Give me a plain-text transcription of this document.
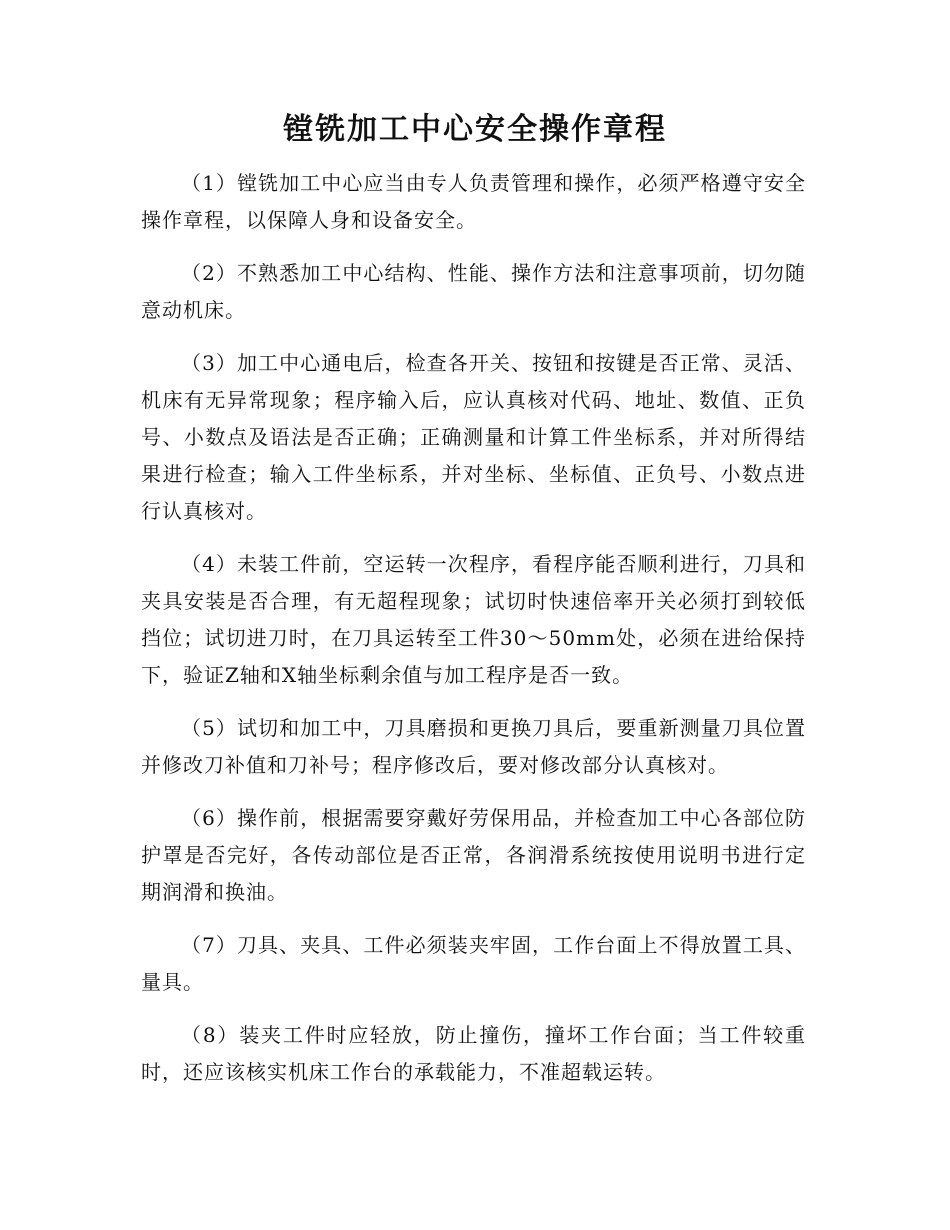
镗铣加工中心安全操作章程

（1）镗铣加工中心应当由专人负责管理和操作，必须严格遵守安全操作章程，以保障人身和设备安全。

（2）不熟悉加工中心结构、性能、操作方法和注意事项前，切勿随意动机床。

（3）加工中心通电后，检查各开关、按钮和按键是否正常、灵活、机床有无异常现象；程序输入后，应认真核对代码、地址、数值、正负号、小数点及语法是否正确；正确测量和计算工件坐标系，并对所得结果进行检查；输入工件坐标系，并对坐标、坐标值、正负号、小数点进行认真核对。

（4）未装工件前，空运转一次程序，看程序能否顺利进行，刀具和夹具安装是否合理，有无超程现象；试切时快速倍率开关必须打到较低挡位；试切进刀时，在刀具运转至工件30～50mm处，必须在进给保持下，验证Z轴和X轴坐标剩余值与加工程序是否一致。

（5）试切和加工中，刀具磨损和更换刀具后，要重新测量刀具位置并修改刀补值和刀补号；程序修改后，要对修改部分认真核对。

（6）操作前，根据需要穿戴好劳保用品，并检查加工中心各部位防护罩是否完好，各传动部位是否正常，各润滑系统按使用说明书进行定期润滑和换油。

（7）刀具、夹具、工件必须装夹牢固，工作台面上不得放置工具、量具。

（8）装夹工件时应轻放，防止撞伤，撞坏工作台面；当工件较重时，还应该核实机床工作台的承载能力，不准超载运转。
